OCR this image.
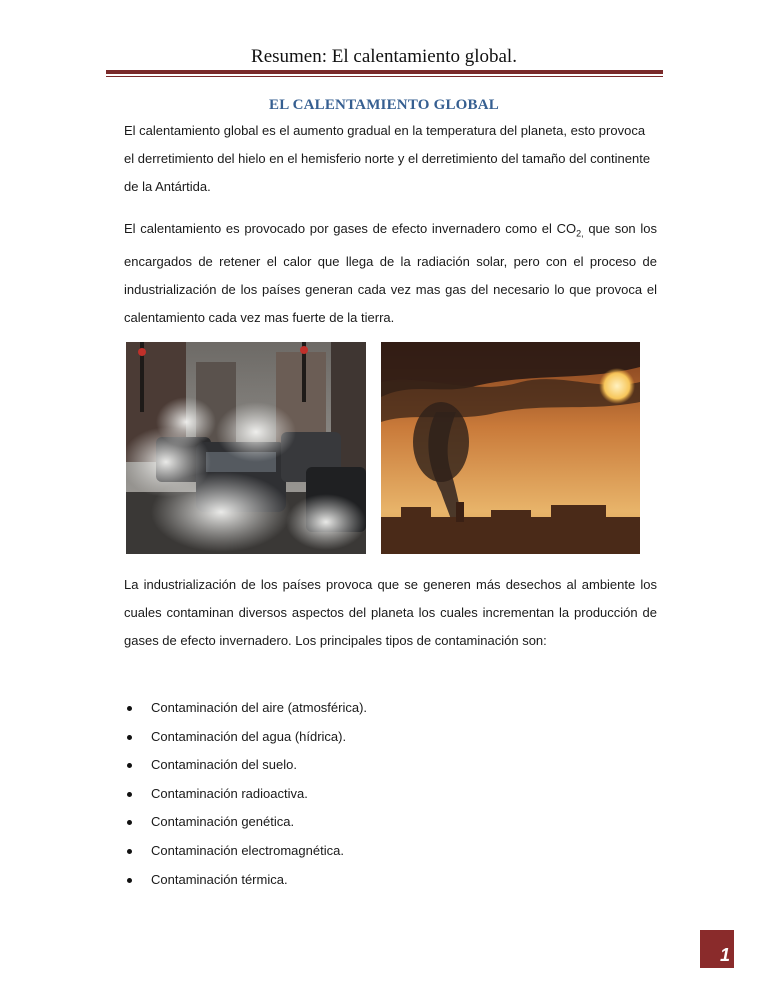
Resumen: El calentamiento global.
EL CALENTAMIENTO GLOBAL

El calentamiento global es el aumento gradual en la temperatura del planeta, esto provoca el derretimiento del hielo en el hemisferio norte y el derretimiento del tamaño del continente de la Antártida.

El calentamiento es provocado por gases de efecto invernadero como el $CO_{2,}$ que son los encargados de retener el calor que llega de la radiación solar, pero con el proceso de industrialización de los países generan cada vez mas gas del necesario lo que provoca el calentamiento cada vez mas fuerte de la tierra.

La industrialización de los países provoca que se generen más desechos al ambiente los cuales contaminan diversos aspectos del planeta los cuales incrementan la producción de gases de efecto invernadero. Los principales tipos de contaminación son:

Contaminación del aire (atmosférica).
Contaminación del agua (hídrica).
Contaminación del suelo.
Contaminación radioactiva.
Contaminación genética.
Contaminación electromagnética.
Contaminación térmica.
1
